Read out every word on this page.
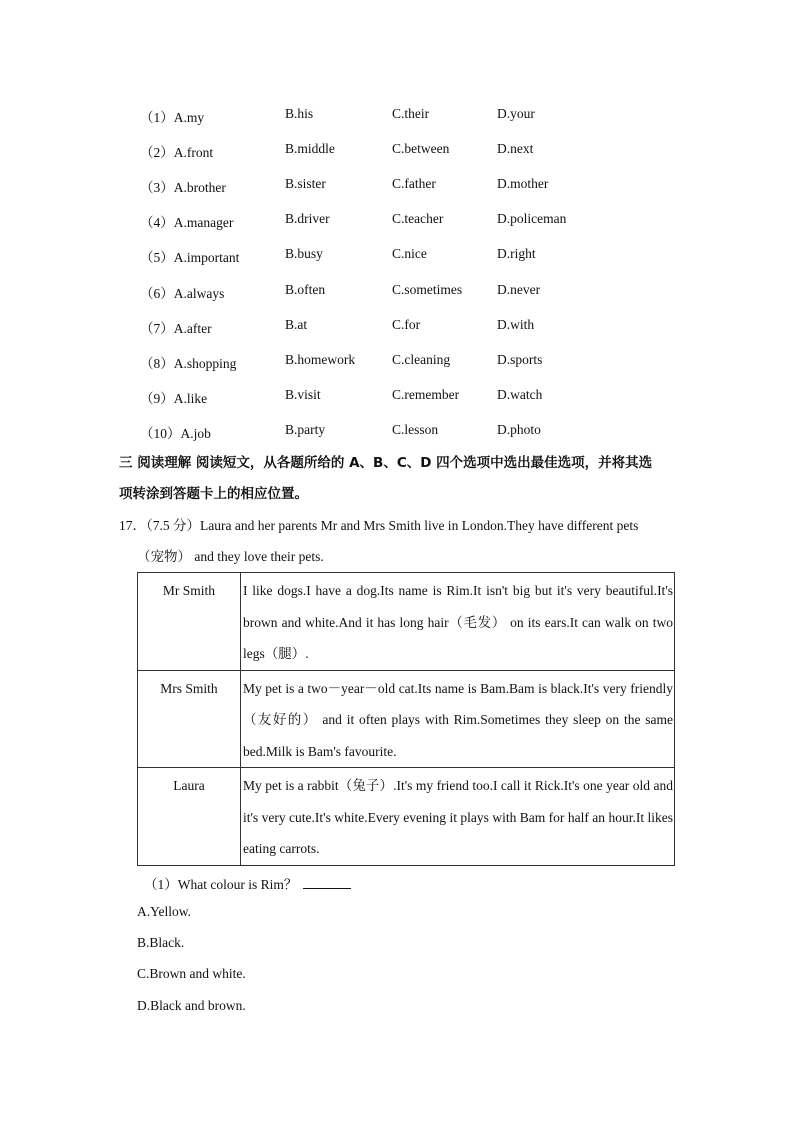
（1）A.my	B.his	C.their	D.your
（2）A.front	B.middle	C.between	D.next
（3）A.brother	B.sister	C.father	D.mother
（4）A.manager	B.driver	C.teacher	D.policeman
（5）A.important	B.busy	C.nice	D.right
（6）A.always	B.often	C.sometimes	D.never
（7）A.after	B.at	C.for	D.with
（8）A.shopping	B.homework	C.cleaning	D.sports
（9）A.like	B.visit	C.remember	D.watch
（10）A.job	B.party	C.lesson	D.photo
三 阅读理解 阅读短文，从各题所给的 A、B、C、D 四个选项中选出最佳选项，并将其选
项转涂到答题卡上的相应位置。
17．（7.5 分）Laura and her parents Mr and Mrs Smith live in London.They have different pets
（宠物） and they love their pets.
Mr Smith	I like dogs.I have a dog.Its name is Rim.It isn't big but it's very beautiful.It's brown and white.And it has long hair（毛发） on its ears.It can walk on two legs（腿）.
Mrs Smith	My pet is a two－year－old cat.Its name is Bam.Bam is black.It's very friendly（友好的） and it often plays with Rim.Sometimes they sleep on the same bed.Milk is Bam's favourite.
Laura	My pet is a rabbit（兔子）.It's my friend too.I call it Rick.It's one year old and it's very cute.It's white.Every evening it plays with Bam for half an hour.It likes eating carrots.
（1）What colour is Rim？
A.Yellow.
B.Black.
C.Brown and white.
D.Black and brown.
